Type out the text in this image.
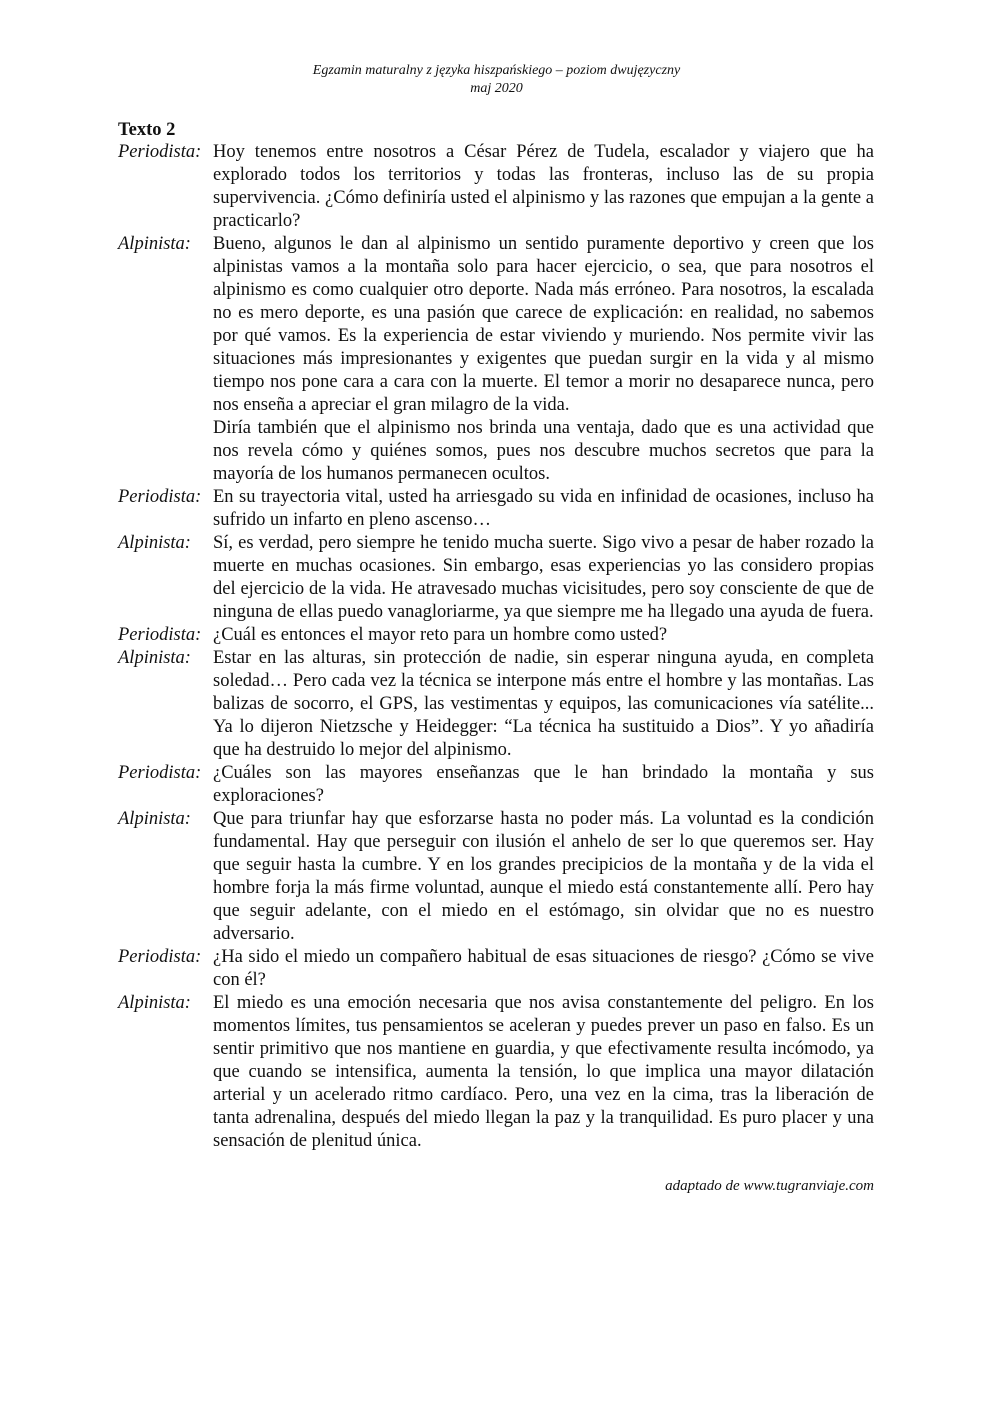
Egzamin maturalny z języka hiszpańskiego – poziom dwujęzyczny
maj 2020
Texto 2
Periodista: Hoy tenemos entre nosotros a César Pérez de Tudela, escalador y viajero que ha explorado todos los territorios y todas las fronteras, incluso las de su propia supervivencia. ¿Cómo definiría usted el alpinismo y las razones que empujan a la gente a practicarlo?

Alpinista:	Bueno, algunos le dan al alpinismo un sentido puramente deportivo y creen que los alpinistas vamos a la montaña solo para hacer ejercicio, o sea, que para nosotros el alpinismo es como cualquier otro deporte. Nada más erróneo. Para nosotros, la escalada no es mero deporte, es una pasión que carece de explicación: en realidad, no sabemos por qué vamos. Es la experiencia de estar viviendo y muriendo. Nos permite vivir las situaciones más impresionantes y exigentes que puedan surgir en la vida y al mismo tiempo nos pone cara a cara con la muerte. El temor a morir no desaparece nunca, pero nos enseña a apreciar el gran milagro de la vida.

Diría también que el alpinismo nos brinda una ventaja, dado que es una actividad que nos revela cómo y quiénes somos, pues nos descubre muchos secretos que para la mayoría de los humanos permanecen ocultos.

Periodista: En su trayectoria vital, usted ha arriesgado su vida en infinidad de ocasiones, incluso ha sufrido un infarto en pleno ascenso…

Alpinista:	Sí, es verdad, pero siempre he tenido mucha suerte. Sigo vivo a pesar de haber rozado la muerte en muchas ocasiones. Sin embargo, esas experiencias yo las considero propias del ejercicio de la vida. He atravesado muchas vicisitudes, pero soy consciente de que de ninguna de ellas puedo vanagloriarme, ya que siempre me ha llegado una ayuda de fuera.

Periodista: ¿Cuál es entonces el mayor reto para un hombre como usted?

Alpinista:	Estar en las alturas, sin protección de nadie, sin esperar ninguna ayuda, en completa soledad… Pero cada vez la técnica se interpone más entre el hombre y las montañas. Las balizas de socorro, el GPS, las vestimentas y equipos, las comunicaciones vía satélite... Ya lo dijeron Nietzsche y Heidegger: “La técnica ha sustituido a Dios”. Y yo añadiría que ha destruido lo mejor del alpinismo.

Periodista: ¿Cuáles son las mayores enseñanzas que le han brindado la montaña y sus exploraciones?

Alpinista:	Que para triunfar hay que esforzarse hasta no poder más. La voluntad es la condición fundamental. Hay que perseguir con ilusión el anhelo de ser lo que queremos ser. Hay que seguir hasta la cumbre. Y en los grandes precipicios de la montaña y de la vida el hombre forja la más firme voluntad, aunque el miedo está constantemente allí. Pero hay que seguir adelante, con el miedo en el estómago, sin olvidar que no es nuestro adversario.

Periodista: ¿Ha sido el miedo un compañero habitual de esas situaciones de riesgo? ¿Cómo se vive con él?

Alpinista:	El miedo es una emoción necesaria que nos avisa constantemente del peligro. En los momentos límites, tus pensamientos se aceleran y puedes prever un paso en falso. Es un sentir primitivo que nos mantiene en guardia, y que efectivamente resulta incómodo, ya que cuando se intensifica, aumenta la tensión, lo que implica una mayor dilatación arterial y un acelerado ritmo cardíaco. Pero, una vez en la cima, tras la liberación de tanta adrenalina, después del miedo llegan la paz y la tranquilidad. Es puro placer y una sensación de plenitud única.

adaptado de www.tugranviaje.com
